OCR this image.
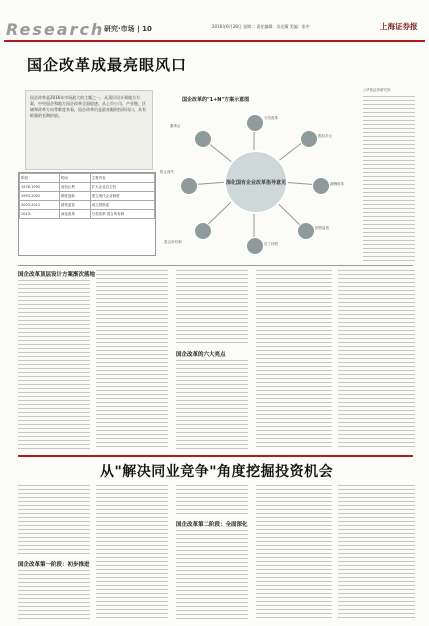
Research 研究·市场 | 10	2016年6月28日 星期二 责任编辑：吴光耀 美编：张中	上海证券报
国企改革成最亮眼风口
国企改革是2016年市场最大的主题之一，从顶层设计到地方方案，中央国企和地方国企改革全面提速。从上市公司、产业链、区域和改革方向等维度来看，国企改革仍是最亮眼的投资风口，具有极强的长期价值。
国企改革的"1+N"方案示意图
深化国有企业改革指导意见
分类改革
股权多元
薪酬改革
国资监管
员工持股
混合所有制
防止流失
董事会
阶段	时间	主要内容
1978-1992	放权让利	扩大企业自主权
1993-2002	制度创新	建立现代企业制度
2003-2012	国资监管	成立国资委
2013-	深化改革	分类改革 混合所有制
○华泰证券研究所
国企改革顶层设计方案渐次落地
国企改革的六大亮点
从"解决同业竞争"角度挖掘投资机会
国企改革第一阶段：初步推进
国企改革第二阶段：全面深化
